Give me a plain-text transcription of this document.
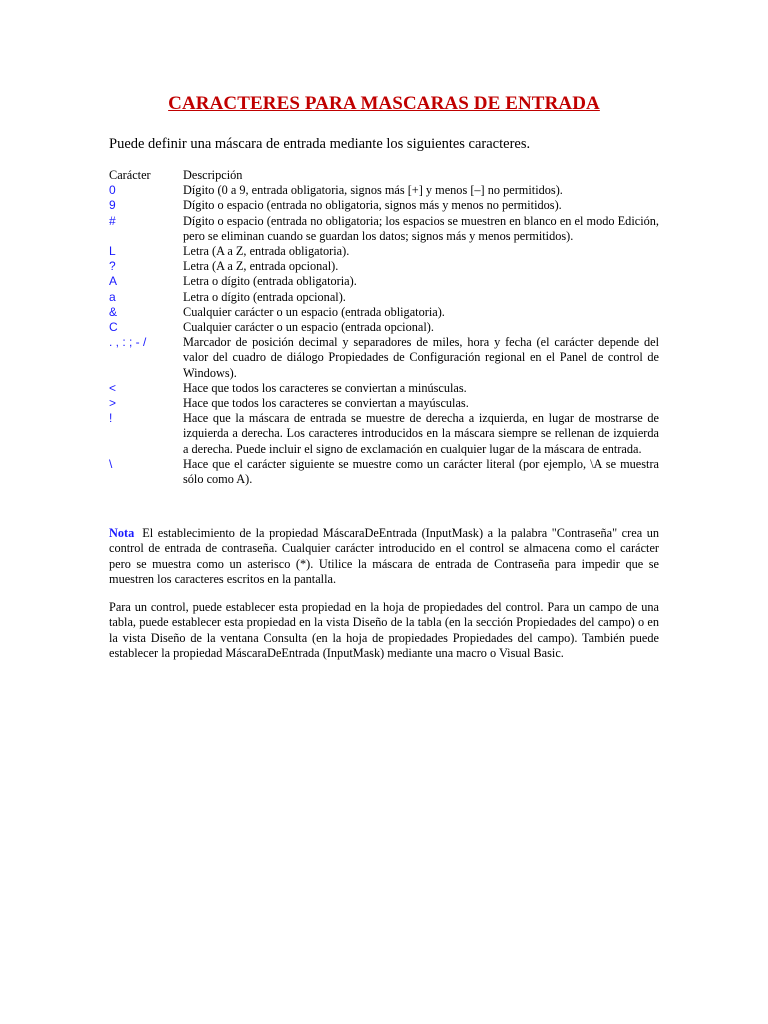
CARACTERES PARA MASCARAS DE ENTRADA
Puede definir una máscara de entrada mediante los siguientes caracteres.
Carácter	Descripción
0	Dígito (0 a 9, entrada obligatoria, signos más [+] y menos [–] no permitidos).
9	Dígito o espacio (entrada no obligatoria, signos más y menos no permitidos).
#	Dígito o espacio (entrada no obligatoria; los espacios se muestren en blanco en el modo Edición, pero se eliminan cuando se guardan los datos; signos más y menos permitidos).
L	Letra (A a Z, entrada obligatoria).
?	Letra (A a Z, entrada opcional).
A	Letra o dígito (entrada obligatoria).
a	Letra o dígito (entrada opcional).
&	Cualquier carácter o un espacio (entrada obligatoria).
C	Cualquier carácter o un espacio (entrada opcional).
. , : ; - /	Marcador de posición decimal y separadores de miles, hora y fecha (el carácter depende del valor del cuadro de diálogo Propiedades de Configuración regional en el Panel de control de Windows).
<	Hace que todos los caracteres se conviertan a minúsculas.
>	Hace que todos los caracteres se conviertan a mayúsculas.
!	Hace que la máscara de entrada se muestre de derecha a izquierda, en lugar de mostrarse de izquierda a derecha. Los caracteres introducidos en la máscara siempre se rellenan de izquierda a derecha. Puede incluir el signo de exclamación en cualquier lugar de la máscara de entrada.
\	Hace que el carácter siguiente se muestre como un carácter literal (por ejemplo, \A se muestra sólo como A).

Nota El establecimiento de la propiedad MáscaraDeEntrada (InputMask) a la palabra "Contraseña" crea un control de entrada de contraseña. Cualquier carácter introducido en el control se almacena como el carácter pero se muestra como un asterisco (*). Utilice la máscara de entrada de Contraseña para impedir que se muestren los caracteres escritos en la pantalla.

Para un control, puede establecer esta propiedad en la hoja de propiedades del control. Para un campo de una tabla, puede establecer esta propiedad en la vista Diseño de la tabla (en la sección Propiedades del campo) o en la vista Diseño de la ventana Consulta (en la hoja de propiedades Propiedades del campo). También puede establecer la propiedad MáscaraDeEntrada (InputMask) mediante una macro o Visual Basic.
